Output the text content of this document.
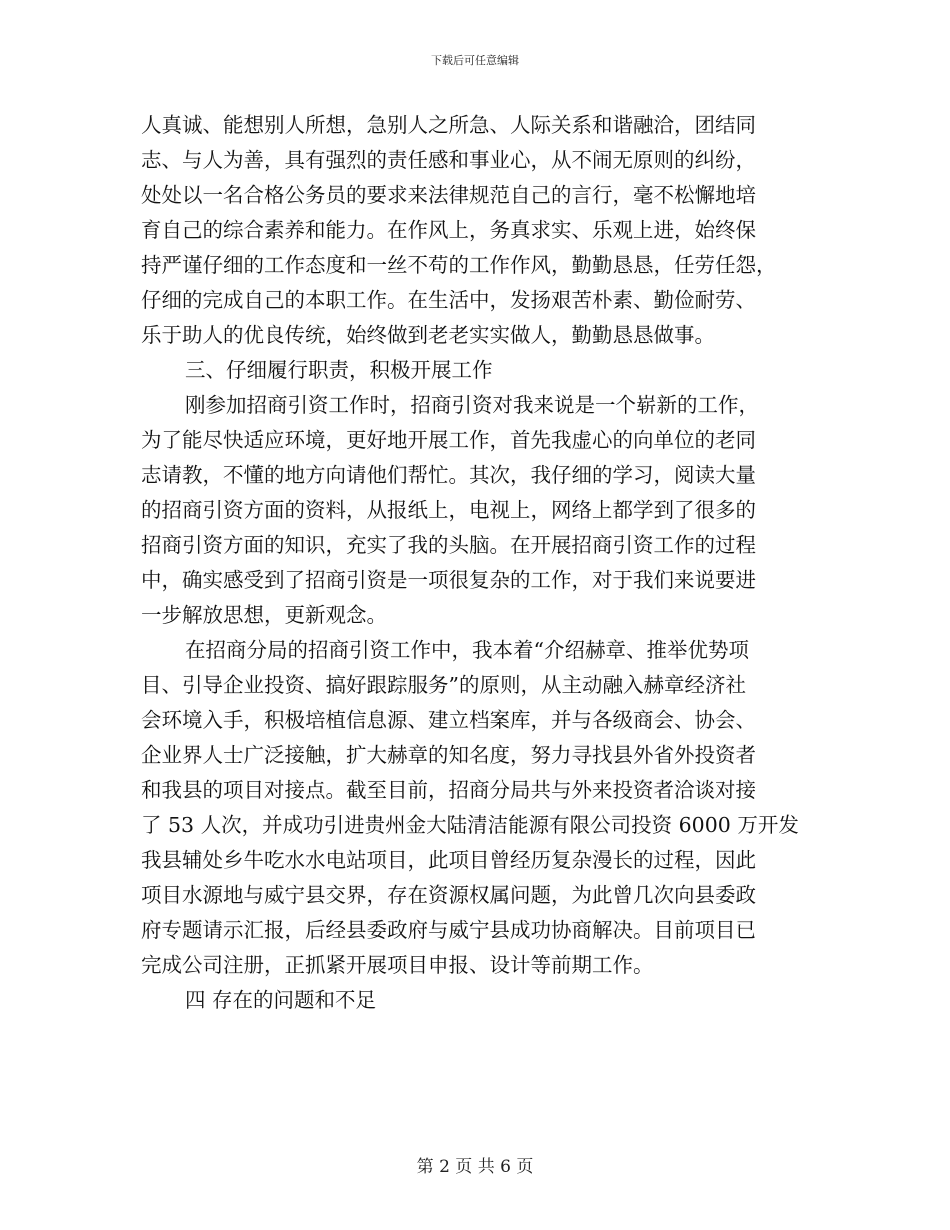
下载后可任意编辑
人真诚、能想别人所想，急别人之所急、人际关系和谐融洽，团结同
志、与人为善，具有强烈的责任感和事业心，从不闹无原则的纠纷，
处处以一名合格公务员的要求来法律规范自己的言行，毫不松懈地培
育自己的综合素养和能力。在作风上，务真求实、乐观上进，始终保
持严谨仔细的工作态度和一丝不苟的工作作风，勤勤恳恳，任劳任怨，
仔细的完成自己的本职工作。在生活中，发扬艰苦朴素、勤俭耐劳、
乐于助人的优良传统，始终做到老老实实做人，勤勤恳恳做事。
三、仔细履行职责，积极开展工作
刚参加招商引资工作时，招商引资对我来说是一个崭新的工作，
为了能尽快适应环境，更好地开展工作，首先我虚心的向单位的老同
志请教，不懂的地方向请他们帮忙。其次，我仔细的学习，阅读大量
的招商引资方面的资料，从报纸上，电视上，网络上都学到了很多的
招商引资方面的知识，充实了我的头脑。在开展招商引资工作的过程
中，确实感受到了招商引资是一项很复杂的工作，对于我们来说要进
一步解放思想，更新观念。
在招商分局的招商引资工作中，我本着“介绍赫章、推举优势项
目、引导企业投资、搞好跟踪服务”的原则，从主动融入赫章经济社
会环境入手，积极培植信息源、建立档案库，并与各级商会、协会、
企业界人士广泛接触，扩大赫章的知名度，努力寻找县外省外投资者
和我县的项目对接点。截至目前，招商分局共与外来投资者洽谈对接
了 53 人次，并成功引进贵州金大陆清洁能源有限公司投资 6000 万开发
我县辅处乡牛吃水水电站项目，此项目曾经历复杂漫长的过程，因此
项目水源地与威宁县交界，存在资源权属问题，为此曾几次向县委政
府专题请示汇报，后经县委政府与威宁县成功协商解决。目前项目已
完成公司注册，正抓紧开展项目申报、设计等前期工作。
四 存在的问题和不足
第 2 页 共 6 页
